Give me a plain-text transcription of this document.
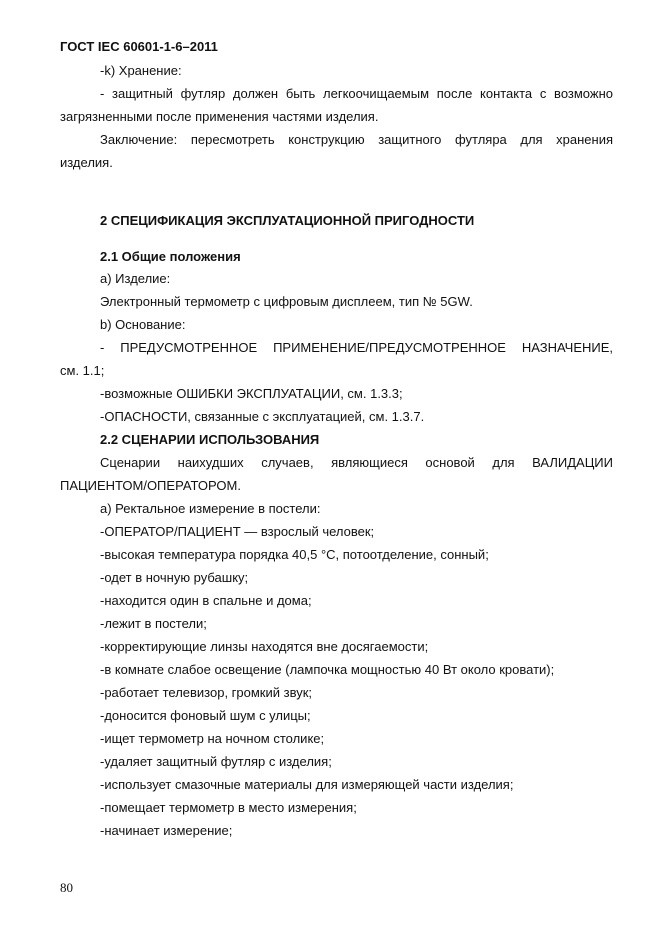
ГОСТ IEC 60601-1-6–2011
-k) Хранение:
- защитный футляр должен быть легкоочищаемым после контакта с возможно
загрязненными после применения частями изделия.
Заключение: пересмотреть конструкцию защитного футляра для хранения
изделия.
2 СПЕЦИФИКАЦИЯ ЭКСПЛУАТАЦИОННОЙ ПРИГОДНОСТИ
2.1 Общие положения
а) Изделие:
Электронный термометр с цифровым дисплеем, тип № 5GW.
b) Основание:
- ПРЕДУСМОТРЕННОЕ ПРИМЕНЕНИЕ/ПРЕДУСМОТРЕННОЕ НАЗНАЧЕНИЕ,
см. 1.1;
-возможные ОШИБКИ ЭКСПЛУАТАЦИИ, см. 1.3.3;
-ОПАСНОСТИ, связанные с эксплуатацией, см. 1.3.7.
2.2 СЦЕНАРИИ ИСПОЛЬЗОВАНИЯ
Сценарии наихудших случаев, являющиеся основой для ВАЛИДАЦИИ
ПАЦИЕНТОМ/ОПЕРАТОРОМ.
а) Ректальное измерение в постели:
-ОПЕРАТОР/ПАЦИЕНТ — взрослый человек;
-высокая температура порядка 40,5 °С, потоотделение, сонный;
-одет в ночную рубашку;
-находится один в спальне и дома;
-лежит в постели;
-корректирующие линзы находятся вне досягаемости;
-в комнате слабое освещение (лампочка мощностью 40 Вт около кровати);
-работает телевизор, громкий звук;
-доносится фоновый шум с улицы;
-ищет термометр на ночном столике;
-удаляет защитный футляр с изделия;
-использует смазочные материалы для измеряющей части изделия;
-помещает термометр в место измерения;
-начинает измерение;
80
